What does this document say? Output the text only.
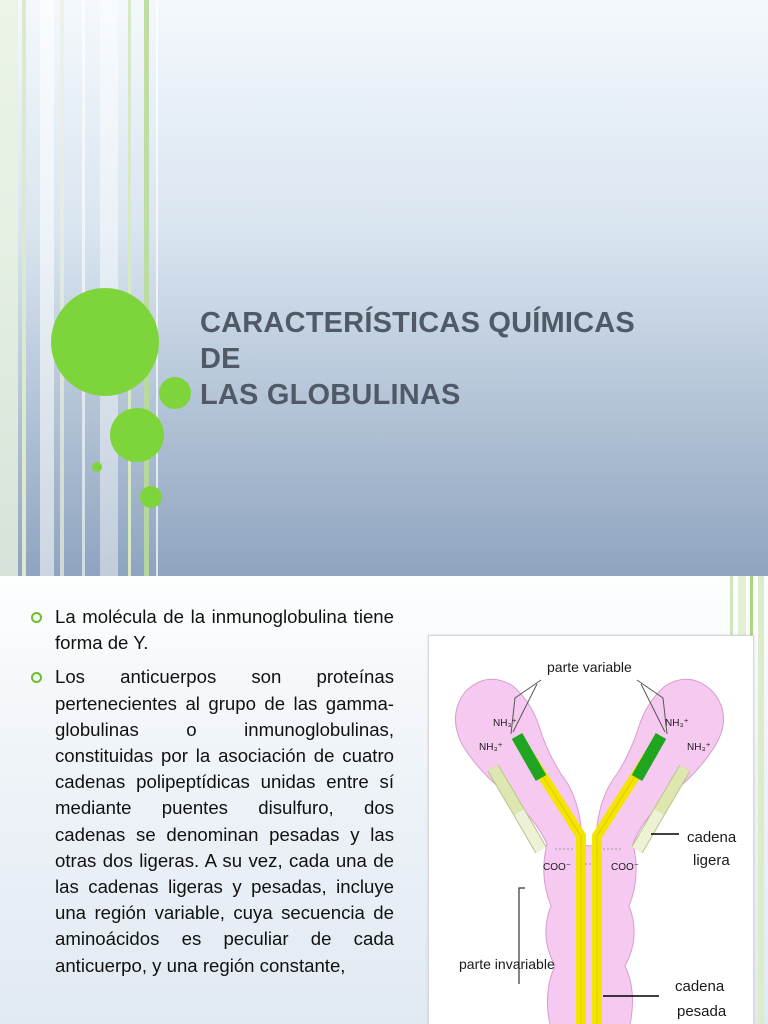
CARACTERÍSTICAS QUÍMICAS
DE
LAS GLOBULINAS
La molécula de la inmunoglobulina tiene forma de Y.
Los anticuerpos son proteínas pertenecientes al grupo de las gamma-globulinas o inmunoglobulinas, constituidas por la asociación de cuatro cadenas polipeptídicas unidas entre sí mediante puentes disulfuro, dos cadenas se denominan pesadas y las otras dos ligeras. A su vez, cada una de las cadenas ligeras y pesadas, incluye una región variable, cuya secuencia de aminoácidos es peculiar de cada anticuerpo, y una región constante,
parte variable
NH₃⁺
NH₃⁺
NH₃⁺
NH₃⁺
COO⁻	COO⁻
cadena
ligera
parte invariable
cadena
pesada
